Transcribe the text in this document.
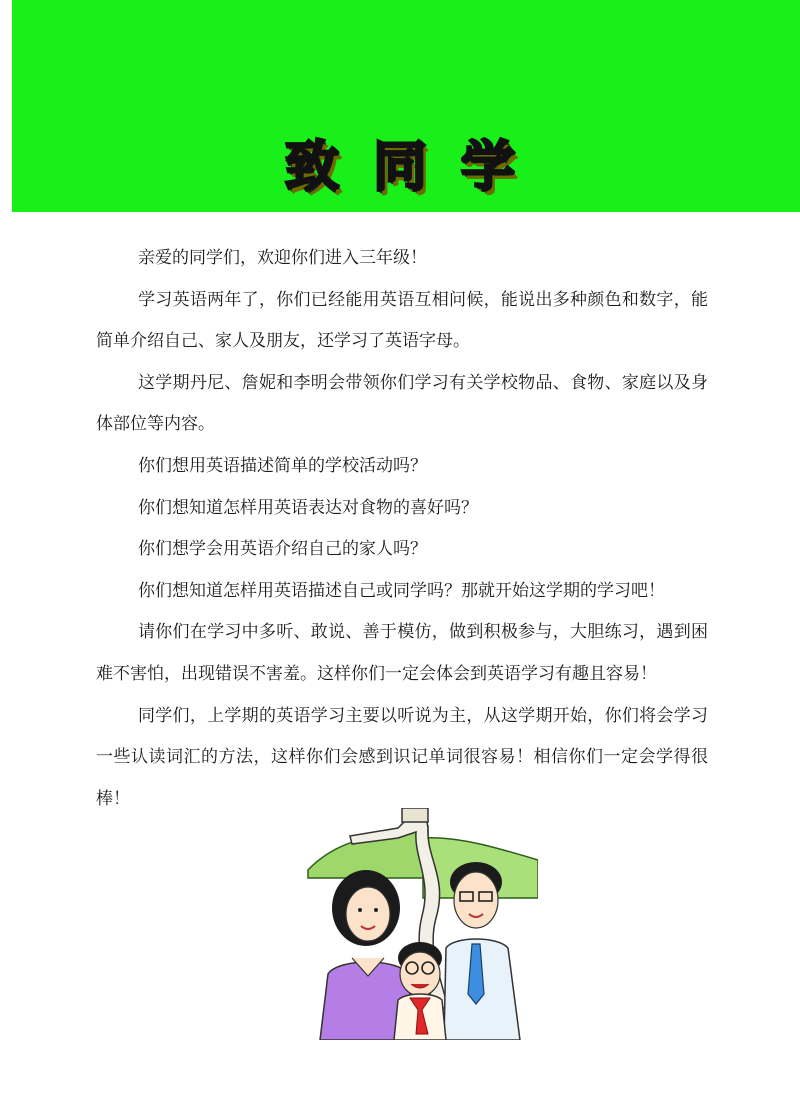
致同学

亲爱的同学们，欢迎你们进入三年级！

学习英语两年了，你们已经能用英语互相问候，能说出多种颜色和数字，能简单介绍自己、家人及朋友，还学习了英语字母。

这学期丹尼、詹妮和李明会带领你们学习有关学校物品、食物、家庭以及身体部位等内容。

你们想用英语描述简单的学校活动吗？

你们想知道怎样用英语表达对食物的喜好吗？

你们想学会用英语介绍自己的家人吗？

你们想知道怎样用英语描述自己或同学吗？那就开始这学期的学习吧！

请你们在学习中多听、敢说、善于模仿，做到积极参与，大胆练习，遇到困难不害怕，出现错误不害羞。这样你们一定会体会到英语学习有趣且容易！

同学们，上学期的英语学习主要以听说为主，从这学期开始，你们将会学习一些认读词汇的方法，这样你们会感到识记单词很容易！相信你们一定会学得很棒！
